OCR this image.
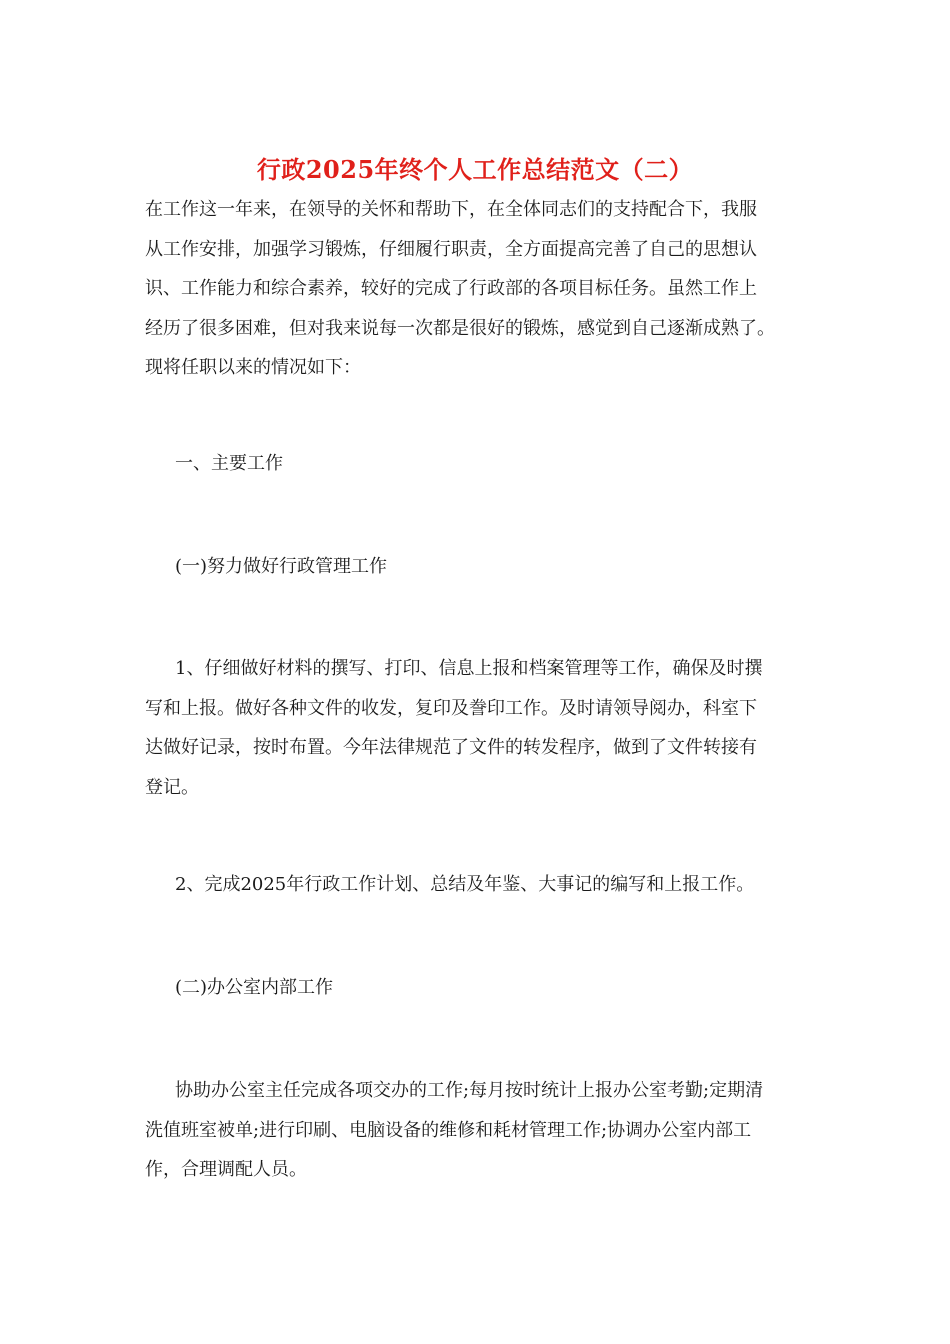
行政2025年终个人工作总结范文（二）
在工作这一年来，在领导的关怀和帮助下，在全体同志们的支持配合下，我服
从工作安排，加强学习锻炼，仔细履行职责，全方面提高完善了自己的思想认
识、工作能力和综合素养，较好的完成了行政部的各项目标任务。虽然工作上
经历了很多困难，但对我来说每一次都是很好的锻炼，感觉到自己逐渐成熟了。
现将任职以来的情况如下：
一、主要工作
(一)努力做好行政管理工作
1、仔细做好材料的撰写、打印、信息上报和档案管理等工作，确保及时撰
写和上报。做好各种文件的收发，复印及誊印工作。及时请领导阅办，科室下
达做好记录，按时布置。今年法律规范了文件的转发程序，做到了文件转接有
登记。
2、完成2025年行政工作计划、总结及年鉴、大事记的编写和上报工作。
(二)办公室内部工作
协助办公室主任完成各项交办的工作;每月按时统计上报办公室考勤;定期清
洗值班室被单;进行印刷、电脑设备的维修和耗材管理工作;协调办公室内部工
作，合理调配人员。
